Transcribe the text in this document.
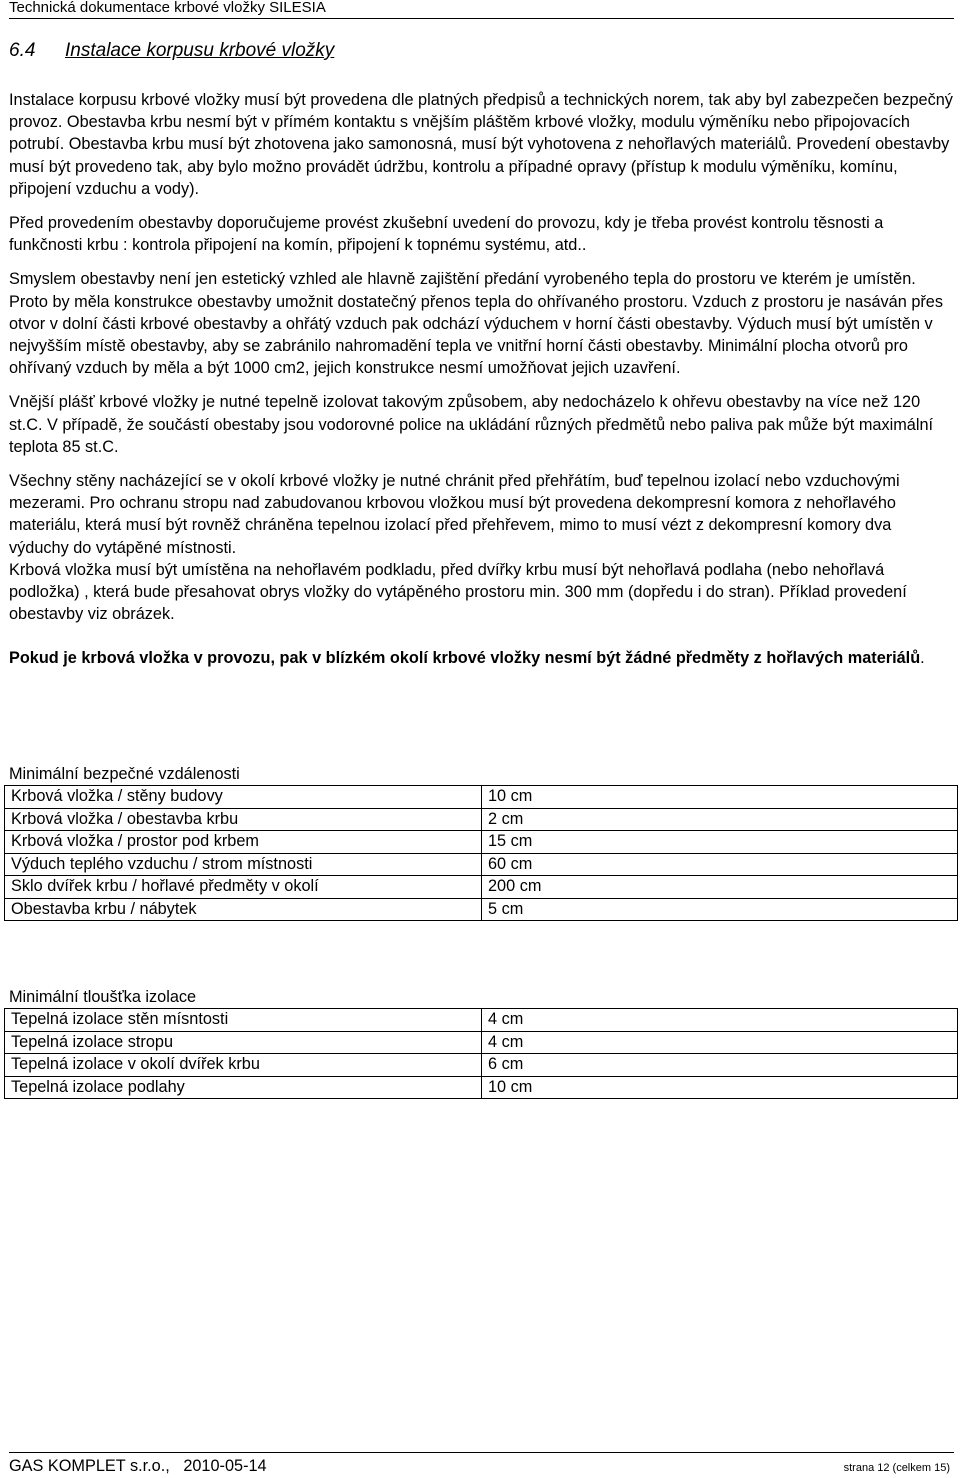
Technická dokumentace krbové vložky SILESIA
6.4 Instalace korpusu krbové vložky

Instalace korpusu krbové vložky musí být provedena dle platných předpisů a technických norem, tak aby byl zabezpečen bezpečný provoz. Obestavba krbu nesmí být v přímém kontaktu s vnějším pláštěm krbové vložky, modulu výměníku nebo připojovacích potrubí. Obestavba krbu musí být zhotovena jako samonosná, musí být vyhotovena z nehořlavých materiálů. Provedení obestavby musí být provedeno tak, aby bylo možno provádět údržbu, kontrolu a případné opravy (přístup k modulu výměníku, komínu, připojení vzduchu a vody).

Před provedením obestavby doporučujeme provést zkušební uvedení do provozu, kdy je třeba provést kontrolu těsnosti a funkčnosti krbu : kontrola připojení na komín, připojení k topnému systému, atd..

Smyslem obestavby není jen estetický vzhled ale hlavně zajištění předání vyrobeného tepla do prostoru ve kterém je umístěn. Proto by měla konstrukce obestavby umožnit dostatečný přenos tepla do ohřívaného prostoru. Vzduch z prostoru je nasáván přes otvor v dolní části krbové obestavby a ohřátý vzduch pak odchází výduchem v horní části obestavby. Výduch musí být umístěn v nejvyšším místě obestavby, aby se zabránilo nahromadění tepla ve vnitřní horní části obestavby. Minimální plocha otvorů pro ohřívaný vzduch by měla a být 1000 cm2, jejich konstrukce nesmí umožňovat jejich uzavření.

Vnější plášť krbové vložky je nutné tepelně izolovat takovým způsobem, aby nedocházelo k ohřevu obestavby na více než 120 st.C. V případě, že součástí obestaby jsou vodorovné police na ukládání různých předmětů nebo paliva pak může být maximální teplota 85 st.C.

Všechny stěny nacházející se v okolí krbové vložky je nutné chránit před přehřátím, buď tepelnou izolací nebo vzduchovými mezerami. Pro ochranu stropu nad zabudovanou krbovou vložkou musí být provedena dekompresní komora z nehořlavého materiálu, která musí být rovněž chráněna tepelnou izolací před přehřevem, mimo to musí vézt z dekompresní komory dva výduchy do vytápěné místnosti.

Krbová vložka musí být umístěna na nehořlavém podkladu, před dvířky krbu musí být nehořlavá podlaha (nebo nehořlavá podložka) , která bude přesahovat obrys vložky do vytápěného prostoru min. 300 mm (dopředu i do stran). Příklad provedení obestavby viz obrázek.

Pokud je krbová vložka v provozu, pak v blízkém okolí krbové vložky nesmí být žádné předměty z hořlavých materiálů.

Minimální bezpečné vzdálenosti
Krbová vložka / stěny budovy	10 cm
Krbová vložka / obestavba krbu	2 cm
Krbová vložka / prostor pod krbem	15 cm
Výduch teplého vzduchu / strom místnosti	60 cm
Sklo dvířek krbu / hořlavé předměty v okolí	200 cm
Obestavba krbu / nábytek	5 cm
Minimální tloušťka izolace
Tepelná izolace stěn mísntosti	4 cm
Tepelná izolace stropu	4 cm
Tepelná izolace v okolí dvířek krbu	6 cm
Tepelná izolace podlahy	10 cm
GAS KOMPLET s.r.o.,   2010-05-14	strana 12 (celkem 15)
